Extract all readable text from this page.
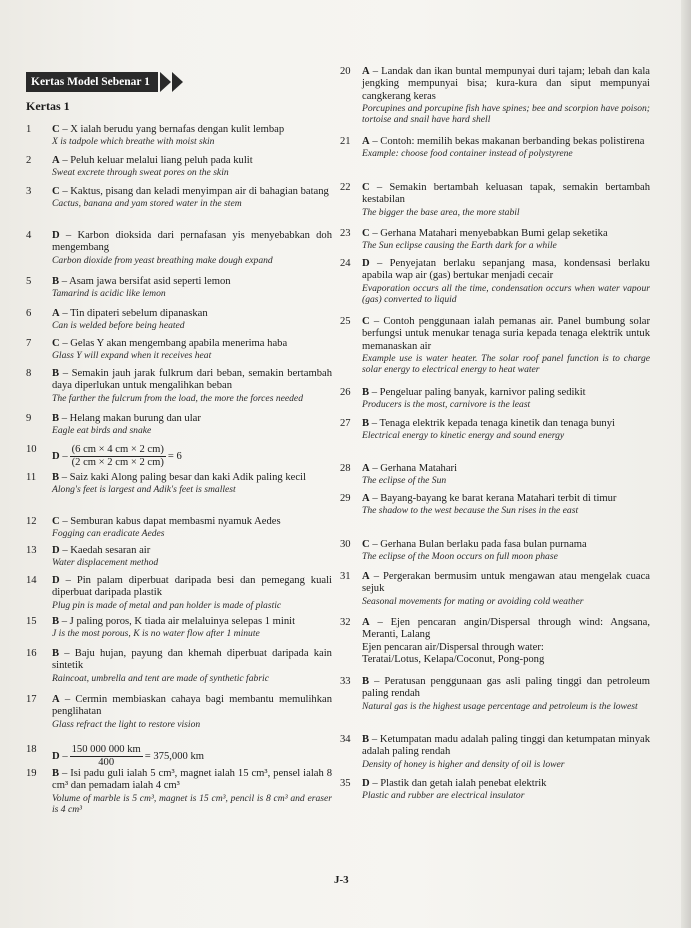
Kertas Model Sebenar 1
Kertas 1
1	C – X ialah berudu yang bernafas dengan kulit lembap
X is tadpole which breathe with moist skin
2	A – Peluh keluar melalui liang peluh pada kulit
Sweat excrete through sweat pores on the skin
3	C – Kaktus, pisang dan keladi menyimpan air di bahagian batang
Cactus, banana and yam stored water in the stem
4	D – Karbon dioksida dari pernafasan yis menyebabkan doh mengembang
Carbon dioxide from yeast breathing make dough expand
5	B – Asam jawa bersifat asid seperti lemon
Tamarind is acidic like lemon
6	A – Tin dipateri sebelum dipanaskan
Can is welded before being heated
7	C – Gelas Y akan mengembang apabila menerima haba
Glass Y will expand when it receives heat
8	B – Semakin jauh jarak fulkrum dari beban, semakin bertambah daya diperlukan untuk mengalihkan beban
The farther the fulcrum from the load, the more the forces needed
9	B – Helang makan burung dan ular
Eagle eat birds and snake
10
$D - \frac{(6 cm \times 4 cm \times 2 cm)}{(2 cm \times 2 cm \times 2 cm)} = 6$
11	B – Saiz kaki Along paling besar dan kaki Adik paling kecil
Along's feet is largest and Adik's feet is smallest
12	C – Semburan kabus dapat membasmi nyamuk Aedes
Fogging can eradicate Aedes
13	D – Kaedah sesaran air
Water displacement method
14	D – Pin palam diperbuat daripada besi dan pemegang kuali diperbuat daripada plastik
Plug pin is made of metal and pan holder is made of plastic
15	B – J paling poros, K tiada air melaluinya selepas 1 minit
J is the most porous, K is no water flow after 1 minute
16	B – Baju hujan, payung dan khemah diperbuat daripada kain sintetik
Raincoat, umbrella and tent are made of synthetic fabric
17	A – Cermin membiaskan cahaya bagi membantu memulihkan penglihatan
Glass refract the light to restore vision
18
$D - \frac{150 000 000 km}{400} = 375,000$ km
19	B – Isi padu guli ialah 5 cm³, magnet ialah 15 cm³, pensel ialah 8 cm³ dan pemadam ialah 4 cm³
Volume of marble is 5 cm³, magnet is 15 cm³, pencil is 8 cm³ and eraser is 4 cm³
20	A – Landak dan ikan buntal mempunyai duri tajam; lebah dan kala jengking mempunyai bisa; kura-kura dan siput mempunyai cangkerang keras
Porcupines and porcupine fish have spines; bee and scorpion have poison; tortoise and snail have hard shell
21	A – Contoh: memilih bekas makanan berbanding bekas polistirena
Example: choose food container instead of polystyrene
22	C – Semakin bertambah keluasan tapak, semakin bertambah kestabilan
The bigger the base area, the more stabil
23	C – Gerhana Matahari menyebabkan Bumi gelap seketika
The Sun eclipse causing the Earth dark for a while
24	D – Penyejatan berlaku sepanjang masa, kondensasi berlaku apabila wap air (gas) bertukar menjadi cecair
Evaporation occurs all the time, condensation occurs when water vapour (gas) converted to liquid
25	C – Contoh penggunaan ialah pemanas air. Panel bumbung solar berfungsi untuk menukar tenaga suria kepada tenaga elektrik untuk memanaskan air
Example use is water heater. The solar roof panel function is to charge solar energy to electrical energy to heat water
26	B – Pengeluar paling banyak, karnivor paling sedikit
Producers is the most, carnivore is the least
27	B – Tenaga elektrik kepada tenaga kinetik dan tenaga bunyi
Electrical energy to kinetic energy and sound energy
28	A – Gerhana Matahari
The eclipse of the Sun
29	A – Bayang-bayang ke barat kerana Matahari terbit di timur
The shadow to the west because the Sun rises in the east
30	C – Gerhana Bulan berlaku pada fasa bulan purnama
The eclipse of the Moon occurs on full moon phase
31	A – Pergerakan bermusim untuk mengawan atau mengelak cuaca sejuk
Seasonal movements for mating or avoiding cold weather
32	A – Ejen pencaran angin/Dispersal through wind: Angsana, Meranti, Lalang
Ejen pencaran air/Dispersal through water:
Teratai/Lotus, Kelapa/Coconut, Pong-pong
33	B – Peratusan penggunaan gas asli paling tinggi dan petroleum paling rendah
Natural gas is the highest usage percentage and petroleum is the lowest
34	B – Ketumpatan madu adalah paling tinggi dan ketumpatan minyak adalah paling rendah
Density of honey is higher and density of oil is lower
35	D – Plastik dan getah ialah penebat elektrik
Plastic and rubber are electrical insulator
J-3
